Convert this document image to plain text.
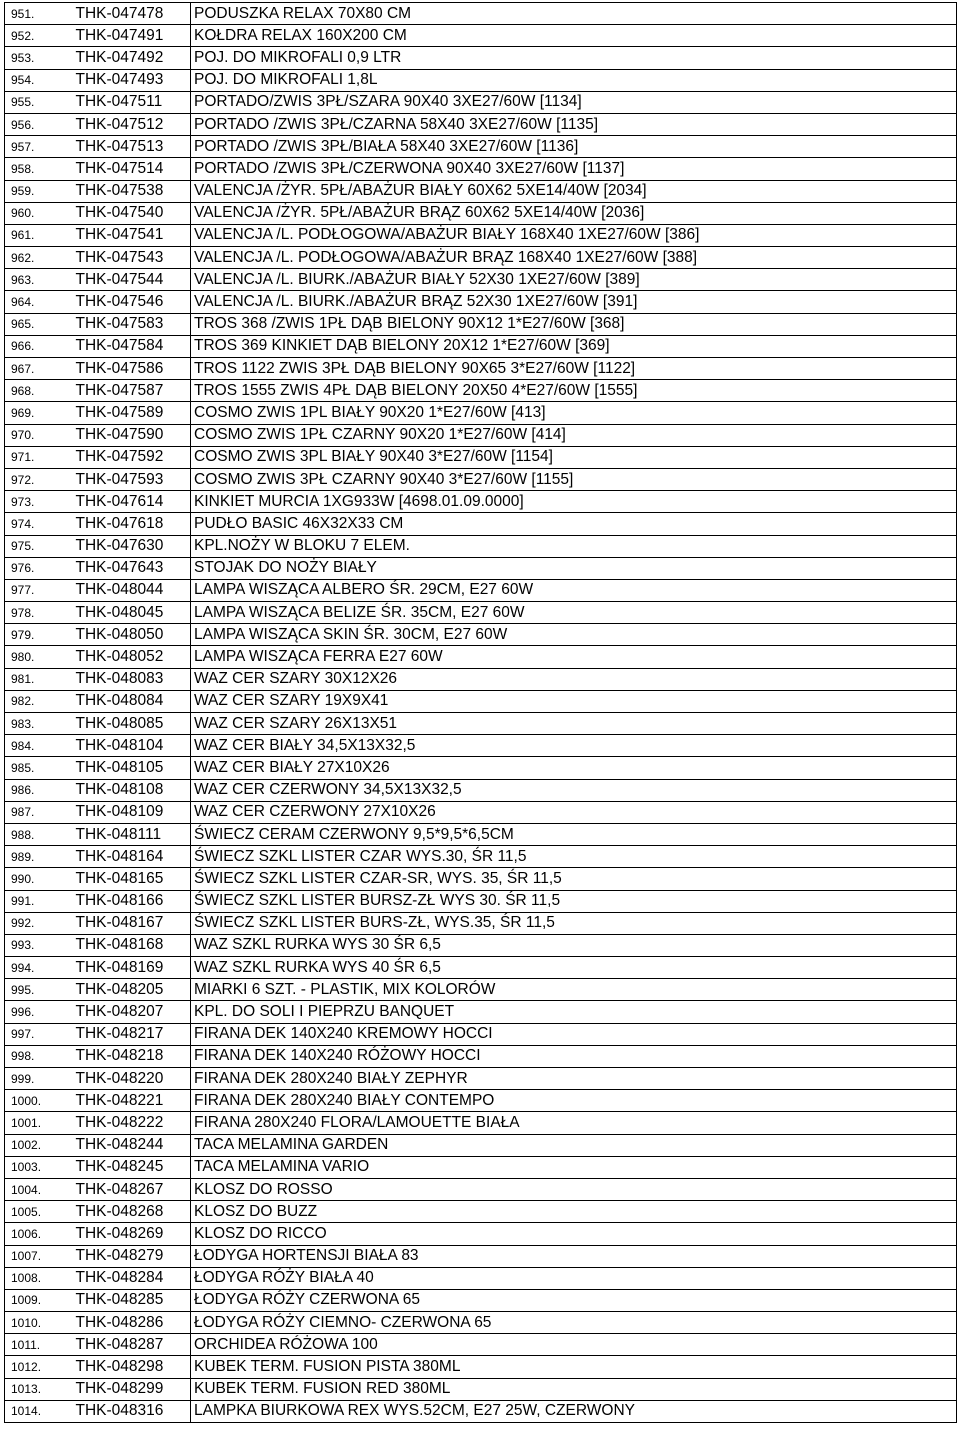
951.	THK-047478	PODUSZKA RELAX 70X80 CM
952.	THK-047491	KOŁDRA RELAX 160X200 CM
953.	THK-047492	POJ. DO MIKROFALI 0,9 LTR
954.	THK-047493	POJ. DO MIKROFALI 1,8L
955.	THK-047511	PORTADO/ZWIS 3PŁ/SZARA 90X40 3XE27/60W [1134]
956.	THK-047512	PORTADO /ZWIS 3PŁ/CZARNA 58X40 3XE27/60W [1135]
957.	THK-047513	PORTADO /ZWIS 3PŁ/BIAŁA 58X40 3XE27/60W [1136]
958.	THK-047514	PORTADO /ZWIS 3PŁ/CZERWONA 90X40 3XE27/60W [1137]
959.	THK-047538	VALENCJA /ŻYR. 5PŁ/ABAŻUR BIAŁY 60X62 5XE14/40W [2034]
960.	THK-047540	VALENCJA /ŻYR. 5PŁ/ABAŻUR BRĄZ 60X62 5XE14/40W [2036]
961.	THK-047541	VALENCJA /L. PODŁOGOWA/ABAŻUR BIAŁY 168X40 1XE27/60W [386]
962.	THK-047543	VALENCJA /L. PODŁOGOWA/ABAŻUR BRĄZ 168X40 1XE27/60W [388]
963.	THK-047544	VALENCJA /L. BIURK./ABAŻUR BIAŁY 52X30 1XE27/60W [389]
964.	THK-047546	VALENCJA /L. BIURK./ABAŻUR BRĄZ 52X30 1XE27/60W [391]
965.	THK-047583	TROS 368 /ZWIS 1PŁ DĄB BIELONY 90X12 1*E27/60W [368]
966.	THK-047584	TROS 369 KINKIET DĄB BIELONY 20X12 1*E27/60W [369]
967.	THK-047586	TROS 1122 ZWIS 3PŁ DĄB BIELONY 90X65 3*E27/60W [1122]
968.	THK-047587	TROS 1555 ZWIS 4PŁ DĄB BIELONY 20X50 4*E27/60W [1555]
969.	THK-047589	COSMO ZWIS 1PL BIAŁY 90X20 1*E27/60W [413]
970.	THK-047590	COSMO ZWIS 1PŁ CZARNY 90X20 1*E27/60W [414]
971.	THK-047592	COSMO ZWIS 3PL BIAŁY 90X40 3*E27/60W [1154]
972.	THK-047593	COSMO ZWIS 3PŁ CZARNY 90X40 3*E27/60W [1155]
973.	THK-047614	KINKIET MURCIA 1XG933W [4698.01.09.0000]
974.	THK-047618	PUDŁO BASIC 46X32X33 CM
975.	THK-047630	KPL.NOŻY W BLOKU 7 ELEM.
976.	THK-047643	STOJAK DO NOŻY BIAŁY
977.	THK-048044	LAMPA WISZĄCA ALBERO ŚR. 29CM, E27 60W
978.	THK-048045	LAMPA WISZĄCA BELIZE ŚR. 35CM, E27 60W
979.	THK-048050	LAMPA WISZĄCA SKIN ŚR. 30CM, E27 60W
980.	THK-048052	LAMPA WISZĄCA FERRA E27 60W
981.	THK-048083	WAZ CER SZARY 30X12X26
982.	THK-048084	WAZ CER SZARY 19X9X41
983.	THK-048085	WAZ CER SZARY 26X13X51
984.	THK-048104	WAZ CER BIAŁY 34,5X13X32,5
985.	THK-048105	WAZ CER BIAŁY 27X10X26
986.	THK-048108	WAZ CER CZERWONY 34,5X13X32,5
987.	THK-048109	WAZ CER CZERWONY 27X10X26
988.	THK-048111	ŚWIECZ CERAM CZERWONY 9,5*9,5*6,5CM
989.	THK-048164	ŚWIECZ SZKL LISTER CZAR WYS.30, ŚR 11,5
990.	THK-048165	ŚWIECZ SZKL LISTER CZAR-SR, WYS. 35, ŚR 11,5
991.	THK-048166	ŚWIECZ SZKL LISTER BURSZ-ZŁ WYS 30. ŚR 11,5
992.	THK-048167	ŚWIECZ SZKL LISTER BURS-ZŁ, WYS.35, ŚR 11,5
993.	THK-048168	WAZ SZKL RURKA WYS 30 ŚR 6,5
994.	THK-048169	WAZ SZKL RURKA WYS 40 ŚR 6,5
995.	THK-048205	MIARKI 6 SZT. - PLASTIK, MIX KOLORÓW
996.	THK-048207	KPL. DO SOLI I PIEPRZU BANQUET
997.	THK-048217	FIRANA DEK 140X240 KREMOWY HOCCI
998.	THK-048218	FIRANA DEK 140X240 RÓŻOWY HOCCI
999.	THK-048220	FIRANA DEK 280X240 BIAŁY ZEPHYR
1000.	THK-048221	FIRANA DEK 280X240 BIAŁY CONTEMPO
1001.	THK-048222	FIRANA 280X240 FLORA/LAMOUETTE BIAŁA
1002.	THK-048244	TACA MELAMINA GARDEN
1003.	THK-048245	TACA MELAMINA VARIO
1004.	THK-048267	KLOSZ DO ROSSO
1005.	THK-048268	KLOSZ DO BUZZ
1006.	THK-048269	KLOSZ DO RICCO
1007.	THK-048279	ŁODYGA HORTENSJI BIAŁA 83
1008.	THK-048284	ŁODYGA RÓŻY BIAŁA 40
1009.	THK-048285	ŁODYGA RÓŻY CZERWONA 65
1010.	THK-048286	ŁODYGA RÓŻY CIEMNO- CZERWONA 65
1011.	THK-048287	ORCHIDEA RÓŻOWA 100
1012.	THK-048298	KUBEK TERM. FUSION PISTA 380ML
1013.	THK-048299	KUBEK TERM. FUSION RED 380ML
1014.	THK-048316	LAMPKA BIURKOWA REX WYS.52CM, E27 25W, CZERWONY
